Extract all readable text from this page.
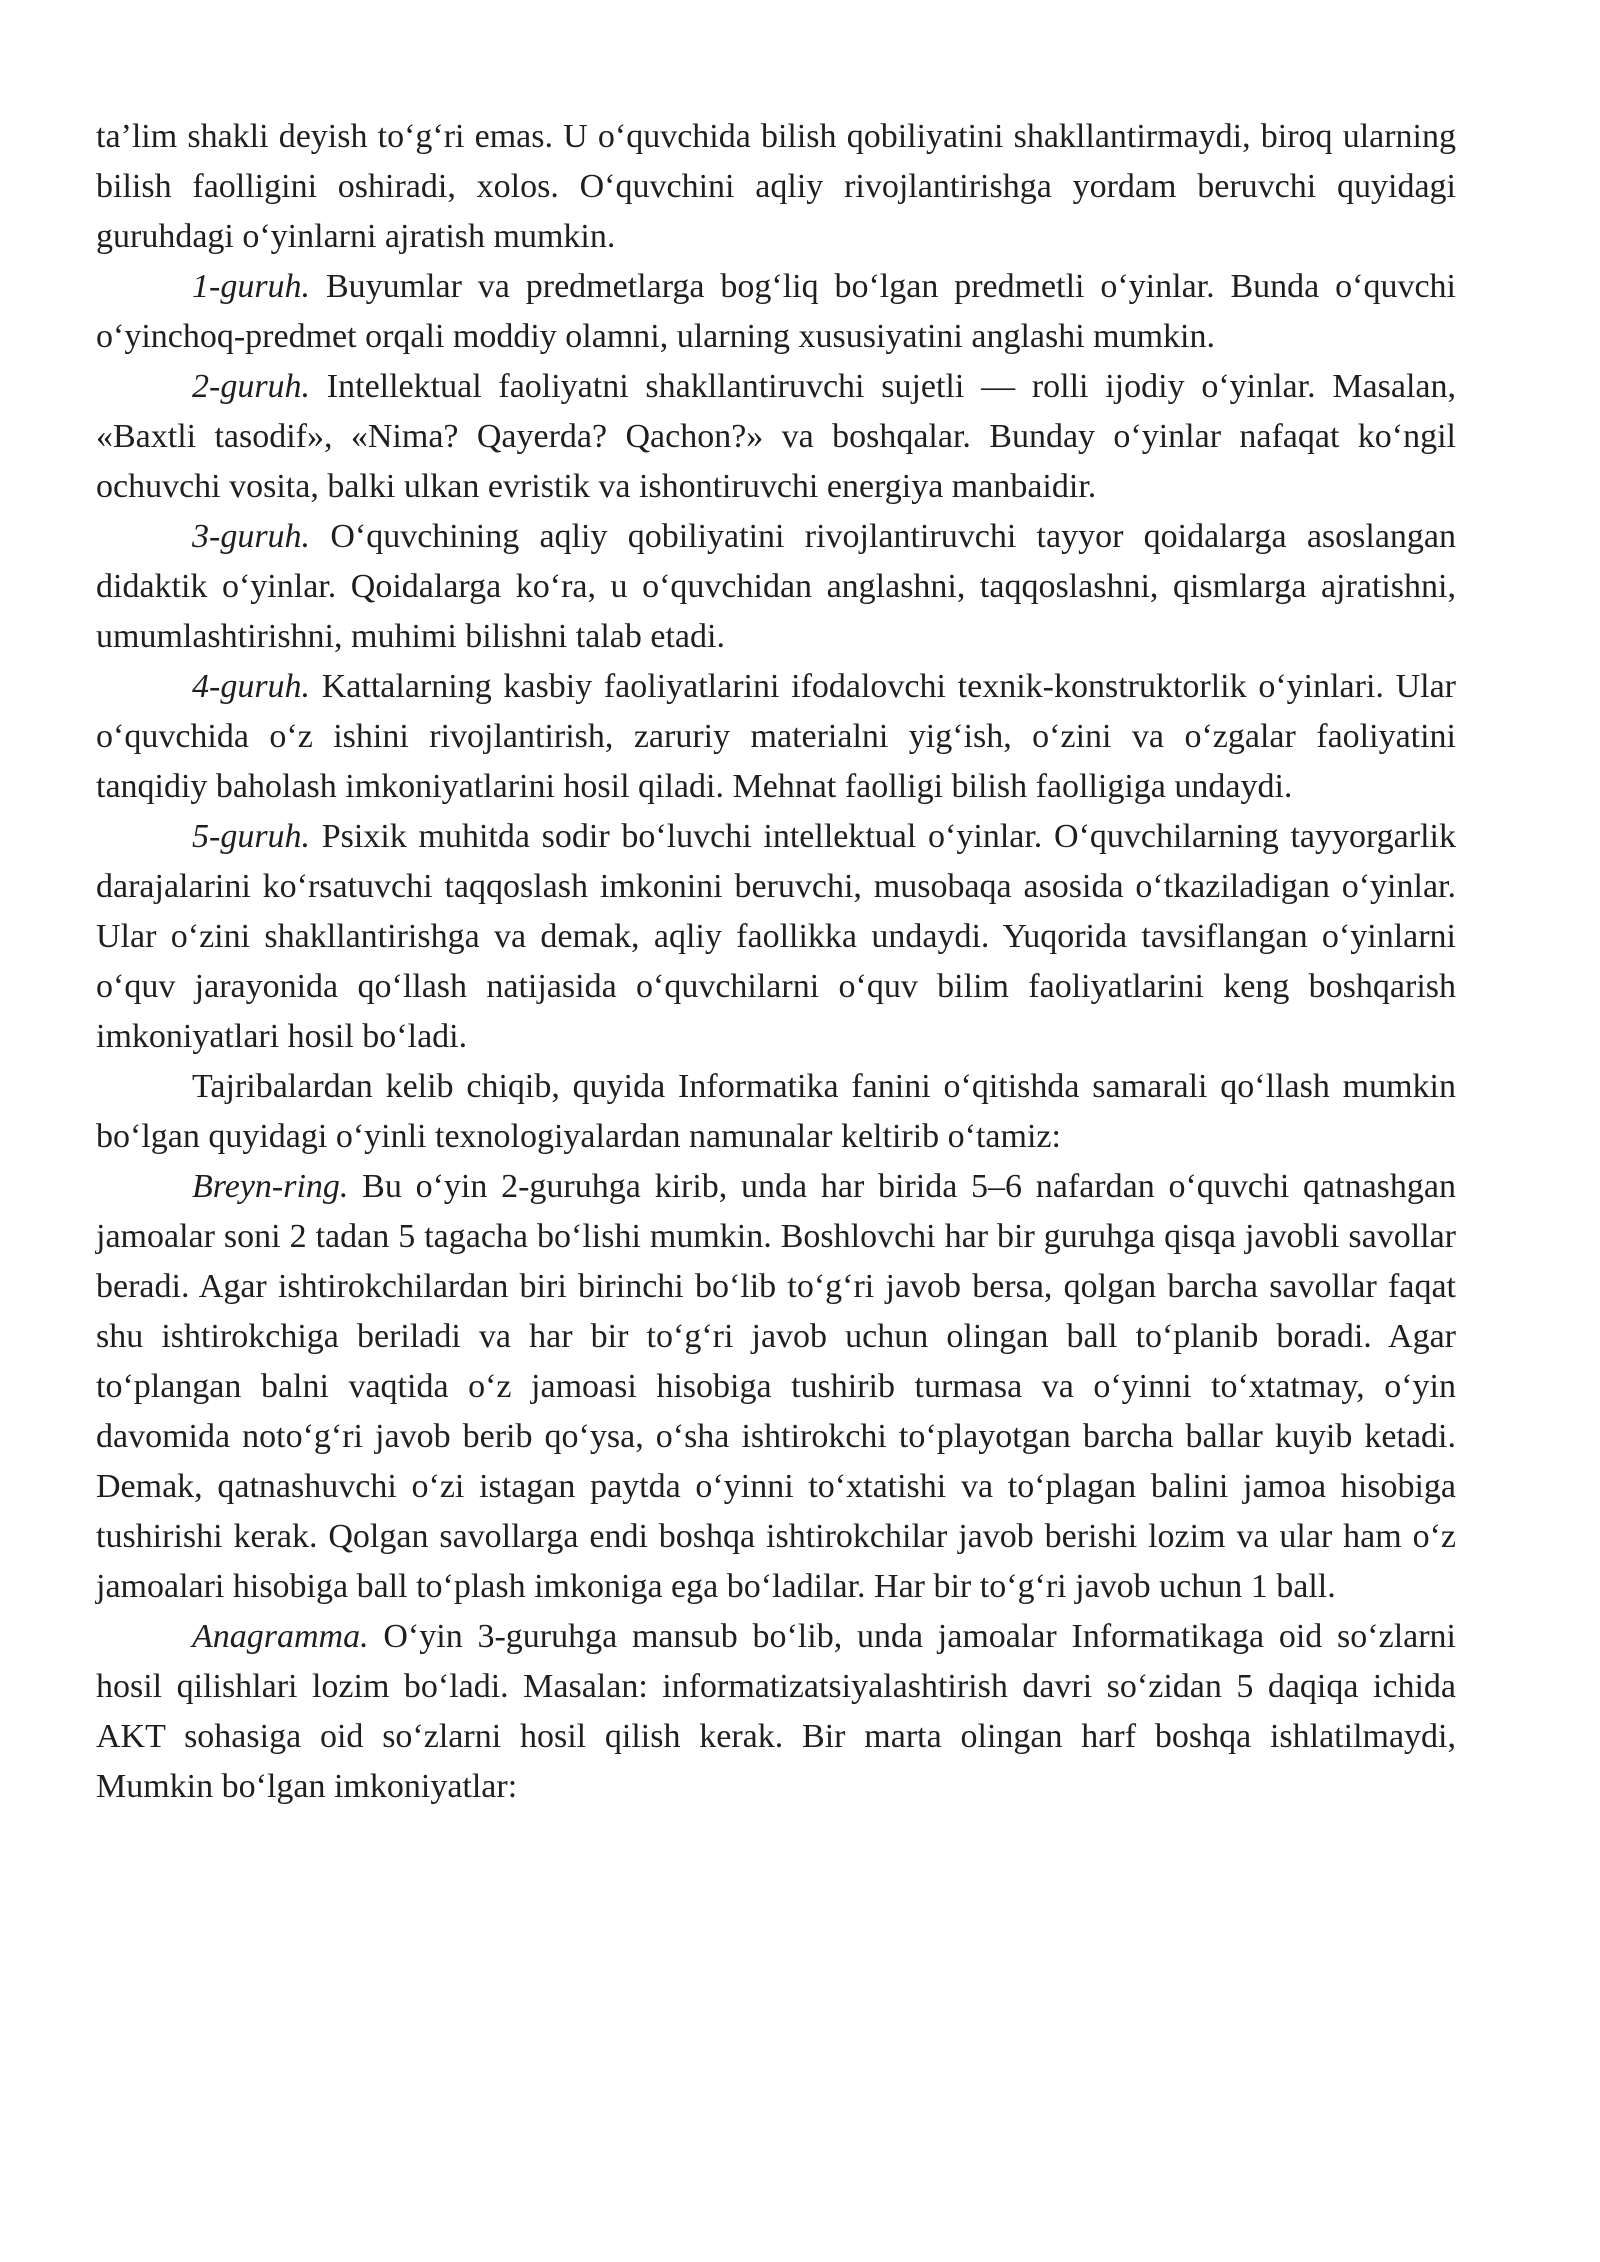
ta’lim shakli deyish to‘g‘ri emas. U o‘quvchida bilish qobiliyatini shakllantirmaydi, biroq ularning bilish faolligini oshiradi, xolos. O‘quvchini aqliy rivojlantirishga yordam beruvchi quyidagi guruhdagi o‘yinlarni ajratish mumkin.

1-guruh. Buyumlar va predmetlarga bog‘liq bo‘lgan predmetli o‘yinlar. Bunda o‘quvchi o‘yinchoq-predmet orqali moddiy olamni, ularning xususiyatini anglashi mumkin.

2-guruh. Intellektual faoliyatni shakllantiruvchi sujetli — rolli ijodiy o‘yinlar. Masalan, «Baxtli tasodif», «Nima? Qayerda? Qachon?» va boshqalar. Bunday o‘yinlar nafaqat ko‘ngil ochuvchi vosita, balki ulkan evristik va ishontiruvchi energiya manbaidir.

3-guruh. O‘quvchining aqliy qobiliyatini rivojlantiruvchi tayyor qoidalarga asoslangan didaktik o‘yinlar. Qoidalarga ko‘ra, u o‘quvchidan anglashni, taqqoslashni, qismlarga ajratishni, umumlashtirishni, muhimi bilishni talab etadi.

4-guruh. Kattalarning kasbiy faoliyatlarini ifodalovchi texnik-konstruktorlik o‘yinlari. Ular o‘quvchida o‘z ishini rivojlantirish, zaruriy materialni yig‘ish, o‘zini va o‘zgalar faoliyatini tanqidiy baholash imkoniyatlarini hosil qiladi. Mehnat faolligi bilish faolligiga undaydi.

5-guruh. Psixik muhitda sodir bo‘luvchi intellektual o‘yinlar. O‘quvchilarning tayyorgarlik darajalarini ko‘rsatuvchi taqqoslash imkonini beruvchi, musobaqa asosida o‘tkaziladigan o‘yinlar. Ular o‘zini shakllantirishga va demak, aqliy faollikka undaydi. Yuqorida tavsiflangan o‘yinlarni o‘quv jarayonida qo‘llash natijasida o‘quvchilarni o‘quv bilim faoliyatlarini keng boshqarish imkoniyatlari hosil bo‘ladi.

Tajribalardan kelib chiqib, quyida Informatika fanini o‘qitishda samarali qo‘llash mumkin bo‘lgan quyidagi o‘yinli texnologiyalardan namunalar keltirib o‘tamiz:

Breyn-ring. Bu o‘yin 2-guruhga kirib, unda har birida 5–6 nafardan o‘quvchi qatnashgan jamoalar soni 2 tadan 5 tagacha bo‘lishi mumkin. Boshlovchi har bir guruhga qisqa javobli savollar beradi. Agar ishtirokchilardan biri birinchi bo‘lib to‘g‘ri javob bersa, qolgan barcha savollar faqat shu ishtirokchiga beriladi va har bir to‘g‘ri javob uchun olingan ball to‘planib boradi. Agar to‘plangan balni vaqtida o‘z jamoasi hisobiga tushirib turmasa va o‘yinni to‘xtatmay, o‘yin davomida noto‘g‘ri javob berib qo‘ysa, o‘sha ishtirokchi to‘playotgan barcha ballar kuyib ketadi. Demak, qatnashuvchi o‘zi istagan paytda o‘yinni to‘xtatishi va to‘plagan balini jamoa hisobiga tushirishi kerak. Qolgan savollarga endi boshqa ishtirokchilar javob berishi lozim va ular ham o‘z jamoalari hisobiga ball to‘plash imkoniga ega bo‘ladilar. Har bir to‘g‘ri javob uchun 1 ball.

Anagramma. O‘yin 3-guruhga mansub bo‘lib, unda jamoalar Informatikaga oid so‘zlarni hosil qilishlari lozim bo‘ladi. Masalan: informatizatsiyalashtirish davri so‘zidan 5 daqiqa ichida AKT sohasiga oid so‘zlarni hosil qilish kerak. Bir marta olingan harf boshqa ishlatilmaydi, Mumkin bo‘lgan imkoniyatlar:
